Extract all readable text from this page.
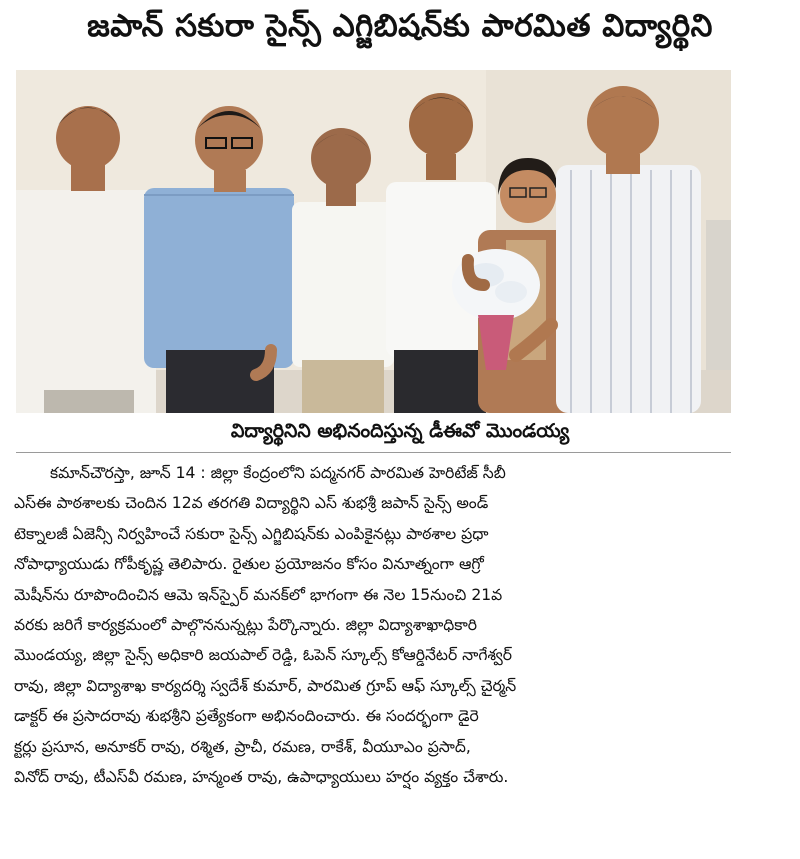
జపాన్ సకురా సైన్స్ ఎగ్జిబిషన్‌కు పారమిత విద్యార్థిని
విద్యార్థినిని అభినందిస్తున్న డీఈవో మొండయ్య
కమాన్‌చౌరస్తా, జూన్ 14 : జిల్లా కేంద్రంలోని పద్మనగర్ పారమిత హెరిటేజ్ సీబీ
ఎస్ఈ పాఠశాలకు చెందిన 12వ తరగతి విద్యార్థిని ఎస్ శుభశ్రీ జపాన్ సైన్స్ అండ్
టెక్నాలజీ ఏజెన్సీ నిర్వహించే సకురా సైన్స్ ఎగ్జిబిషన్‌కు ఎంపికైనట్లు పాఠశాల ప్రధా
నోపాధ్యాయుడు గోపీకృష్ణ తెలిపారు. రైతుల ప్రయోజనం కోసం వినూత్నంగా ఆగ్రో
మెషీన్‌ను రూపొందించిన ఆమె ఇన్‌స్పైర్ మనక్‌లో భాగంగా ఈ నెల 15నుంచి 21వ
వరకు జరిగే కార్యక్రమంలో పాల్గొననున్నట్లు పేర్కొన్నారు. జిల్లా విద్యాశాఖాధికారి
మొండయ్య, జిల్లా సైన్స్ అధికారి జయపాల్ రెడ్డి, ఓపెన్ స్కూల్స్ కోఆర్డినేటర్ నాగేశ్వర్
రావు, జిల్లా విద్యాశాఖ కార్యదర్శి స్వదేశ్ కుమార్, పారమిత గ్రూప్ ఆఫ్ స్కూల్స్ చైర్మన్
డాక్టర్ ఈ ప్రసాదరావు శుభశ్రీని ప్రత్యేకంగా అభినందించారు. ఈ సందర్భంగా డైరె
క్టర్లు ప్రసూన, అనూకర్ రావు, రశ్మిత, ప్రాచీ, రమణ, రాకేశ్, వీయూఎం ప్రసాద్,
వినోద్ రావు, టీఎస్‌వీ రమణ, హన్మంత రావు, ఉపాధ్యాయులు హర్షం వ్యక్తం చేశారు.
